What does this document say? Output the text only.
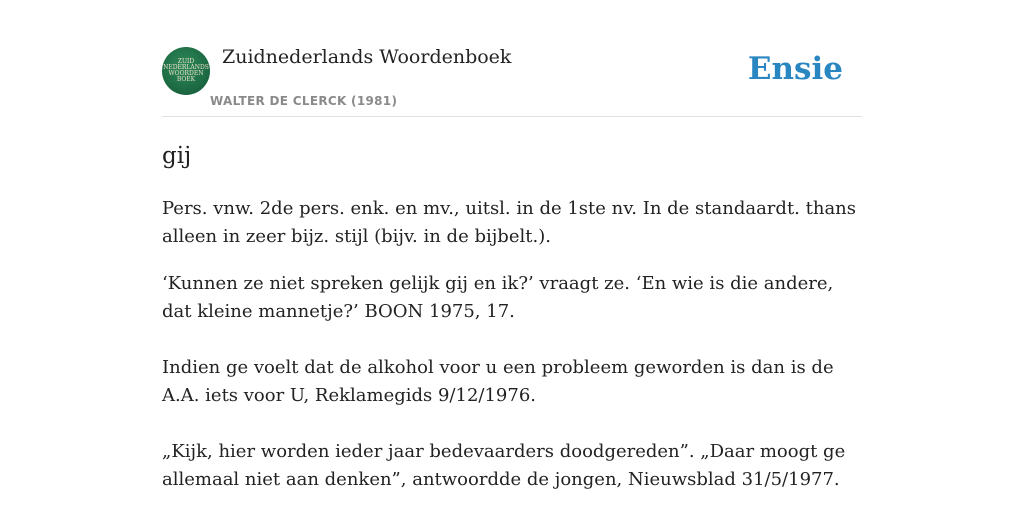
ZUID
NEDERLANDS
WOORDEN
BOEK
Zuidnederlands Woordenboek
WALTER DE CLERCK (1981)
Ensie
gij
Pers. vnw. 2de pers. enk. en mv., uitsl. in de 1ste nv. In de standaardt. thans alleen in zeer bijz. stijl (bijv. in de bijbelt.).
‘Kunnen ze niet spreken gelijk gij en ik?’ vraagt ze. ‘En wie is die andere, dat kleine mannetje?’ BOON 1975, 17.
Indien ge voelt dat de alkohol voor u een probleem geworden is dan is de A.A. iets voor U, Reklamegids 9/12/1976.
„Kijk, hier worden ieder jaar bedevaarders doodgereden”. „Daar moogt ge allemaal niet aan denken”, antwoordde de jongen, Nieuwsblad 31/5/1977.
